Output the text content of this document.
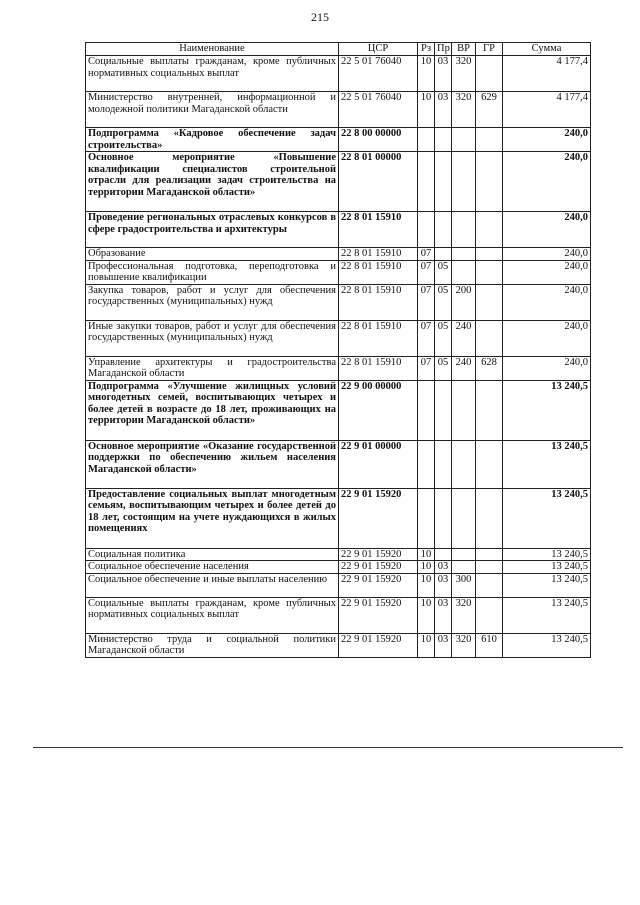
215
Наименование	ЦСР	Рз	Пр	ВР	ГР	Сумма
Социальные выплаты гражданам, кроме публичных нормативных социальных выплат	22 5 01 76040	10	03	320		4 177,4
Министерство внутренней, информационной и молодежной политики Магаданской области	22 5 01 76040	10	03	320	629	4 177,4
Подпрограмма «Кадровое обеспечение задач строительства»	22 8 00 00000					240,0
Основное мероприятие «Повышение квалификации специалистов строительной отрасли для реализации задач строительства на территории Магаданской области»	22 8 01 00000					240,0
Проведение региональных отраслевых конкурсов в сфере градостроительства и архитектуры	22 8 01 15910					240,0
Образование	22 8 01 15910	07				240,0
Профессиональная подготовка, переподготовка и повышение квалификации	22 8 01 15910	07	05			240,0
Закупка товаров, работ и услуг для обеспечения государственных (муниципальных) нужд	22 8 01 15910	07	05	200		240,0
Иные закупки товаров, работ и услуг для обеспечения государственных (муниципальных) нужд	22 8 01 15910	07	05	240		240,0
Управление архитектуры и градостроительства Магаданской области	22 8 01 15910	07	05	240	628	240,0
Подпрограмма «Улучшение жилищных условий многодетных семей, воспитывающих четырех и более детей в возрасте до 18 лет, проживающих на территории Магаданской области»	22 9 00 00000					13 240,5
Основное мероприятие «Оказание государственной поддержки по обеспечению жильем населения Магаданской области»	22 9 01 00000					13 240,5
Предоставление социальных выплат многодетным семьям, воспитывающим четырех и более детей до 18 лет, состоящим на учете нуждающихся в жилых помещениях	22 9 01 15920					13 240,5
Социальная политика	22 9 01 15920	10				13 240,5
Социальное обеспечение населения	22 9 01 15920	10	03			13 240,5
Социальное обеспечение и иные выплаты населению	22 9 01 15920	10	03	300		13 240,5
Социальные выплаты гражданам, кроме публичных нормативных социальных выплат	22 9 01 15920	10	03	320		13 240,5
Министерство труда и социальной политики Магаданской области	22 9 01 15920	10	03	320	610	13 240,5
